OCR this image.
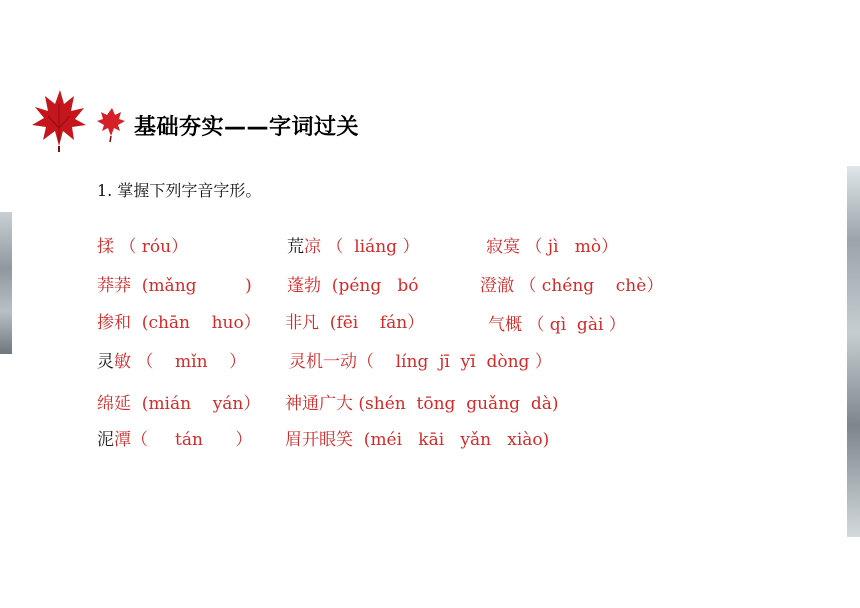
基础夯实——字词过关
1. 掌握下列字音字形。
揉 （ róu）	荒凉 （  liáng ）	寂寞 （ jì   mò）
莽莽  (mǎng         ) 蓬勃  (péng   bó	澄澈 （ chéng    chè）
掺和  (chān    huo） 非凡  (fēi    fán）	气概 （ qì  gài ）
灵敏 （    mǐn    ）	灵机一动（    líng  jī  yī  dòng ）
绵延  (mián    yán） 神通广大 (shén  tōng  guǎng  dà)
泥潭（     tán      ） 眉开眼笑  (méi   kāi   yǎn   xiào)
